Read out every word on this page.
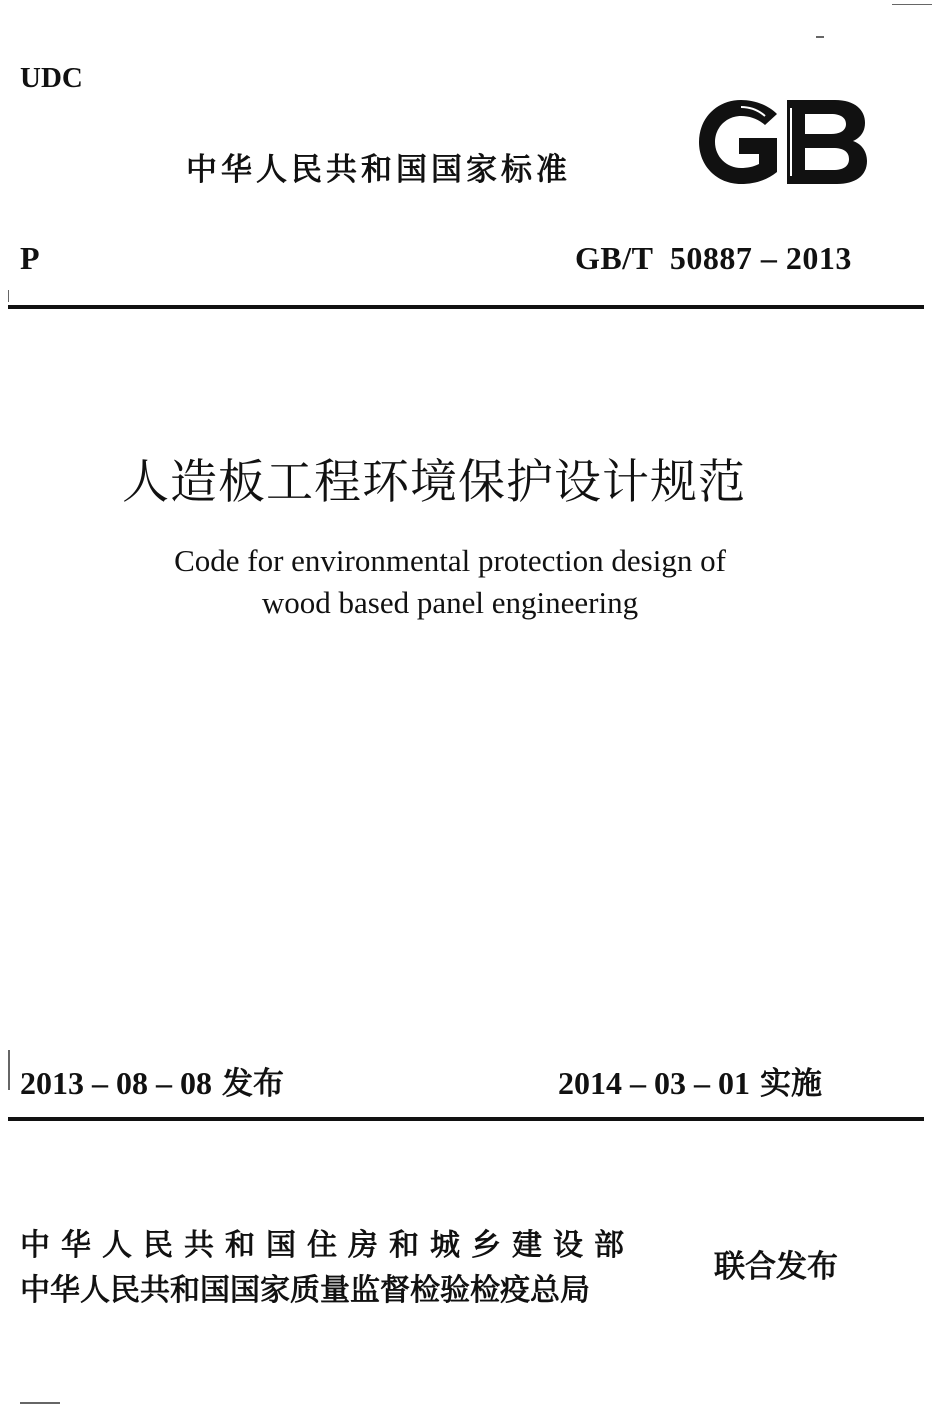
UDC
中华人民共和国国家标准
P	GB/T  50887 – 2013
人造板工程环境保护设计规范
Code for environmental protection design of
wood based panel engineering
2013 – 08 – 08 发布	2014 – 03 – 01 实施
中华人民共和国住房和城乡建设部
中华人民共和国国家质量监督检验检疫总局
联合发布
